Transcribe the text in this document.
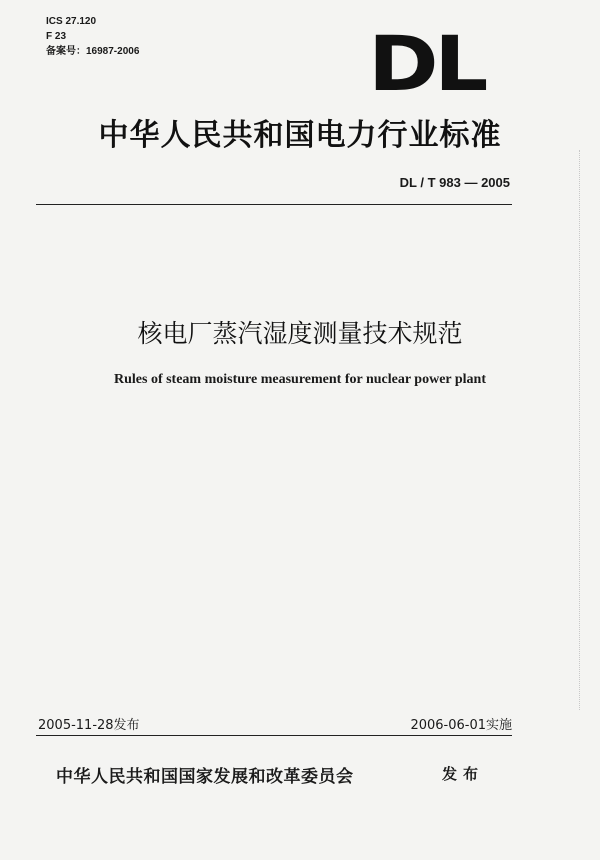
ICS 27.120
F 23
备案号：16987-2006	DL
中华人民共和国电力行业标准
DL / T 983 — 2005
核电厂蒸汽湿度测量技术规范
Rules of steam moisture measurement for nuclear power plant
2005-11-28发布	2006-06-01实施
中华人民共和国国家发展和改革委员会	发布
